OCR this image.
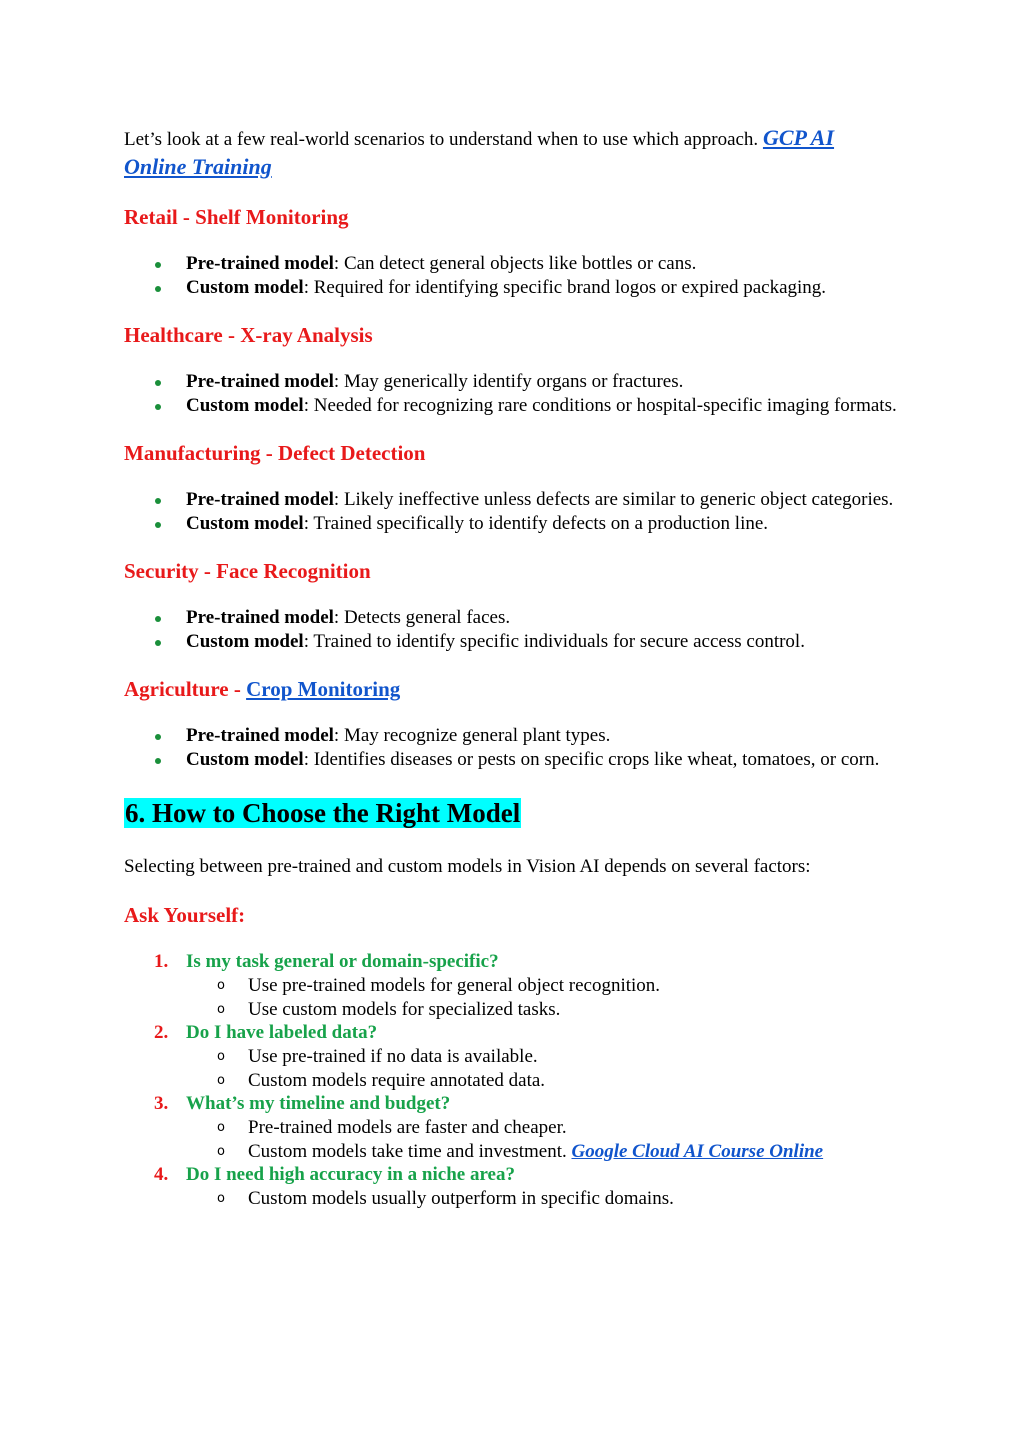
Let’s look at a few real-world scenarios to understand when to use which approach. GCP AI Online Training

Retail - Shelf Monitoring
Pre-trained model: Can detect general objects like bottles or cans.
Custom model: Required for identifying specific brand logos or expired packaging.
Healthcare - X-ray Analysis
Pre-trained model: May generically identify organs or fractures.
Custom model: Needed for recognizing rare conditions or hospital-specific imaging formats.
Manufacturing - Defect Detection
Pre-trained model: Likely ineffective unless defects are similar to generic object categories.
Custom model: Trained specifically to identify defects on a production line.
Security - Face Recognition
Pre-trained model: Detects general faces.
Custom model: Trained to identify specific individuals for secure access control.
Agriculture - Crop Monitoring
Pre-trained model: May recognize general plant types.
Custom model: Identifies diseases or pests on specific crops like wheat, tomatoes, or corn.
6. How to Choose the Right Model

Selecting between pre-trained and custom models in Vision AI depends on several factors:

Ask Yourself:
1. Is my task general or domain-specific?
o Use pre-trained models for general object recognition.
o Use custom models for specialized tasks.
2. Do I have labeled data?
o Use pre-trained if no data is available.
o Custom models require annotated data.
3. What’s my timeline and budget?
o Pre-trained models are faster and cheaper.
o Custom models take time and investment. Google Cloud AI Course Online
4. Do I need high accuracy in a niche area?
o Custom models usually outperform in specific domains.
